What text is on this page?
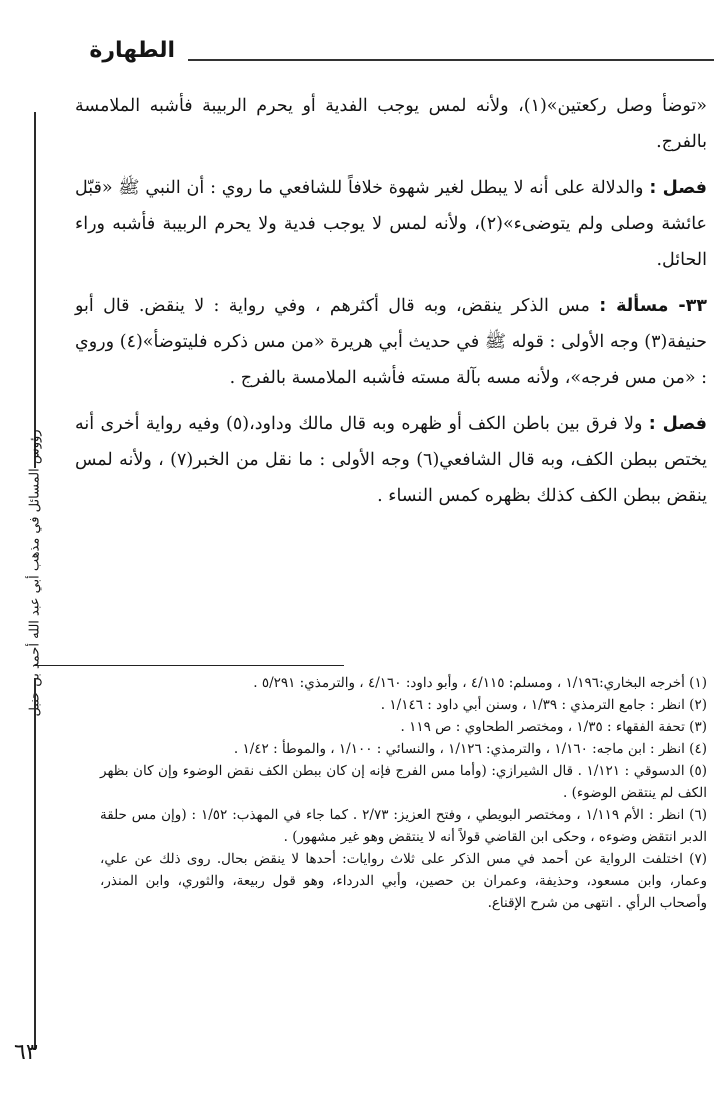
الطهارة
رؤوس المسائل في مذهب أبي عبد الله أحمد بن حنبل

«توضأ وصل ركعتين»(١)، ولأنه لمس يوجب الفدية أو يحرم الربيبة فأشبه الملامسة بالفرج.

فصل : والدلالة على أنه لا يبطل لغير شهوة خلافاً للشافعي ما روي : أن النبي ﷺ «قبّل عائشة وصلى ولم يتوضىء»(٢)، ولأنه لمس لا يوجب فدية ولا يحرم الربيبة فأشبه وراء الحائل.

٣٣- مسألة : مس الذكر ينقض، وبه قال أكثرهم ، وفي رواية : لا ينقض. قال أبو حنيفة(٣) وجه الأولى : قوله ﷺ في حديث أبي هريرة «من مس ذكره فليتوضأ»(٤) وروي : «من مس فرجه»، ولأنه مسه بآلة مسته فأشبه الملامسة بالفرج .

فصل : ولا فرق بين باطن الكف أو ظهره وبه قال مالك وداود،(٥) وفيه رواية أخرى أنه يختص ببطن الكف، وبه قال الشافعي(٦) وجه الأولى : ما نقل من الخبر(٧) ، ولأنه لمس ينقض ببطن الكف كذلك بظهره كمس النساء .

(١) أخرجه البخاري:١/١٩٦ ، ومسلم: ٤/١١٥ ، وأبو داود: ٤/١٦٠ ، والترمذي: ٥/٢٩١ .

(٢) انظر : جامع الترمذي : ١/٣٩ ، وسنن أبي داود : ١/١٤٦ .

(٣) تحفة الفقهاء : ١/٣٥ ، ومختصر الطحاوي : ص ١١٩ .

(٤) انظر : ابن ماجه: ١/١٦٠ ، والترمذي: ١/١٢٦ ، والنسائي : ١/١٠٠ ، والموطأ : ١/٤٢ .

(٥) الدسوقي : ١/١٢١ . قال الشيرازي: (وأما مس الفرج فإنه إن كان ببطن الكف نقض الوضوء وإن كان بظهر الكف لم ينتقض الوضوء) .

(٦) انظر : الأم ١/١١٩ ، ومختصر البويطي ، وفتح العزيز: ٢/٧٣ . كما جاء في المهذب: ١/٥٢ : (وإن مس حلقة الدبر انتقض وضوءه ، وحكى ابن القاضي قولاً أنه لا ينتقض وهو غير مشهور) .

(٧) اختلفت الرواية عن أحمد في مس الذكر على ثلاث روايات: أحدها لا ينقض بحال. روى ذلك عن علي، وعمار، وابن مسعود، وحذيفة، وعمران بن حصين، وأبي الدرداء، وهو قول ربيعة، والثوري، وابن المنذر، وأصحاب الرأي . انتهى من شرح الإقناع.

٦٣
